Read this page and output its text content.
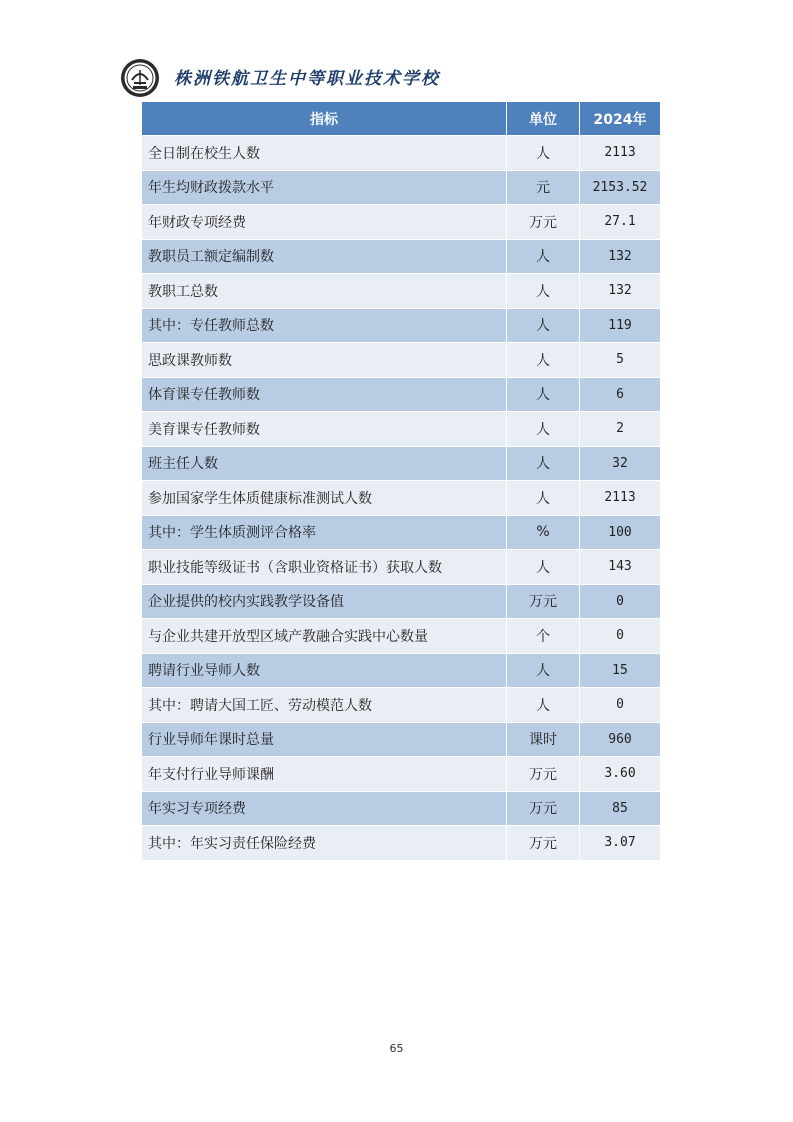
株洲铁航卫生中等职业技术学校
指标	单位	2024年
全日制在校生人数	人	2113
年生均财政拨款水平	元	2153.52
年财政专项经费	万元	27.1
教职员工额定编制数	人	132
教职工总数	人	132
其中：专任教师总数	人	119
思政课教师数	人	5
体育课专任教师数	人	6
美育课专任教师数	人	2
班主任人数	人	32
参加国家学生体质健康标准测试人数	人	2113
其中：学生体质测评合格率	%	100
职业技能等级证书（含职业资格证书）获取人数	人	143
企业提供的校内实践教学设备值	万元	0
与企业共建开放型区域产教融合实践中心数量	个	0
聘请行业导师人数	人	15
其中：聘请大国工匠、劳动模范人数	人	0
行业导师年课时总量	课时	960
年支付行业导师课酬	万元	3.60
年实习专项经费	万元	85
其中：年实习责任保险经费	万元	3.07
65
